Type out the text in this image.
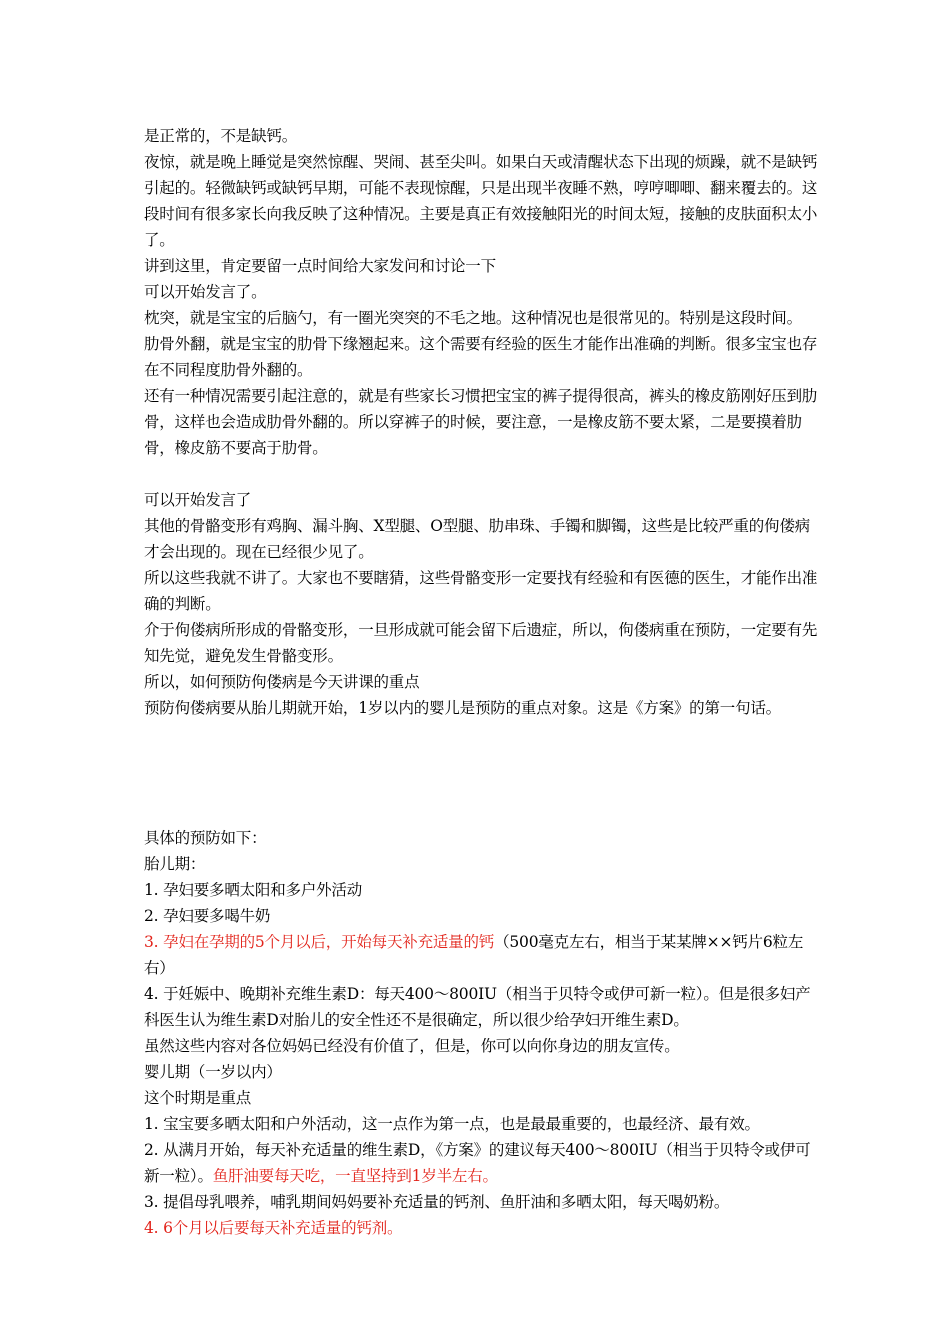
是正常的，不是缺钙。

夜惊，就是晚上睡觉是突然惊醒、哭闹、甚至尖叫。如果白天或清醒状态下出现的烦躁，就不是缺钙引起的。轻微缺钙或缺钙早期，可能不表现惊醒，只是出现半夜睡不熟，哼哼唧唧、翻来覆去的。这段时间有很多家长向我反映了这种情况。主要是真正有效接触阳光的时间太短，接触的皮肤面积太小了。

讲到这里，肯定要留一点时间给大家发问和讨论一下

可以开始发言了。

枕突，就是宝宝的后脑勺，有一圈光突突的不毛之地。这种情况也是很常见的。特别是这段时间。

肋骨外翻，就是宝宝的肋骨下缘翘起来。这个需要有经验的医生才能作出准确的判断。很多宝宝也存在不同程度肋骨外翻的。

还有一种情况需要引起注意的，就是有些家长习惯把宝宝的裤子提得很高，裤头的橡皮筋刚好压到肋骨，这样也会造成肋骨外翻的。所以穿裤子的时候，要注意，一是橡皮筋不要太紧，二是要摸着肋骨，橡皮筋不要高于肋骨。

可以开始发言了

其他的骨骼变形有鸡胸、漏斗胸、X型腿、O型腿、肋串珠、手镯和脚镯，这些是比较严重的佝偻病才会出现的。现在已经很少见了。

所以这些我就不讲了。大家也不要瞎猜，这些骨骼变形一定要找有经验和有医德的医生，才能作出准确的判断。

介于佝偻病所形成的骨骼变形，一旦形成就可能会留下后遗症，所以，佝偻病重在预防，一定要有先知先觉，避免发生骨骼变形。

所以，如何预防佝偻病是今天讲课的重点

预防佝偻病要从胎儿期就开始，1岁以内的婴儿是预防的重点对象。这是《方案》的第一句话。

具体的预防如下：

胎儿期：

1. 孕妇要多晒太阳和多户外活动

2. 孕妇要多喝牛奶

3. 孕妇在孕期的5个月以后，开始每天补充适量的钙（500毫克左右，相当于某某牌××钙片6粒左右）

4. 于妊娠中、晚期补充维生素D：每天400～800IU（相当于贝特令或伊可新一粒）。但是很多妇产科医生认为维生素D对胎儿的安全性还不是很确定，所以很少给孕妇开维生素D。

虽然这些内容对各位妈妈已经没有价值了，但是，你可以向你身边的朋友宣传。

婴儿期（一岁以内）

这个时期是重点

1. 宝宝要多晒太阳和户外活动，这一点作为第一点，也是最最重要的，也最经济、最有效。

2. 从满月开始，每天补充适量的维生素D，《方案》的建议每天400～800IU（相当于贝特令或伊可新一粒）。鱼肝油要每天吃，一直坚持到1岁半左右。

3. 提倡母乳喂养，哺乳期间妈妈要补充适量的钙剂、鱼肝油和多晒太阳，每天喝奶粉。

4. 6个月以后要每天补充适量的钙剂。
